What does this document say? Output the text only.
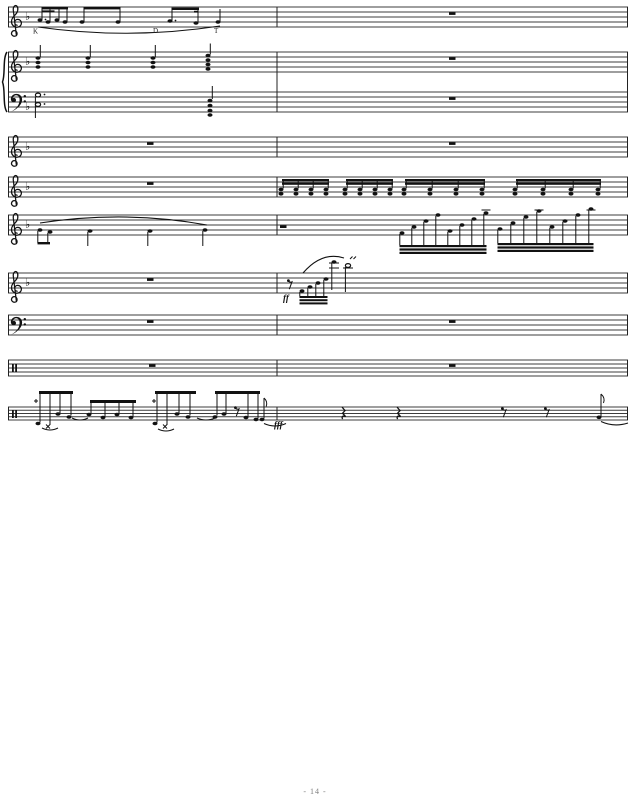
♭
♭
♭
♭
♭
♭
♭
K	D	T
ff
fff
- 14 -
